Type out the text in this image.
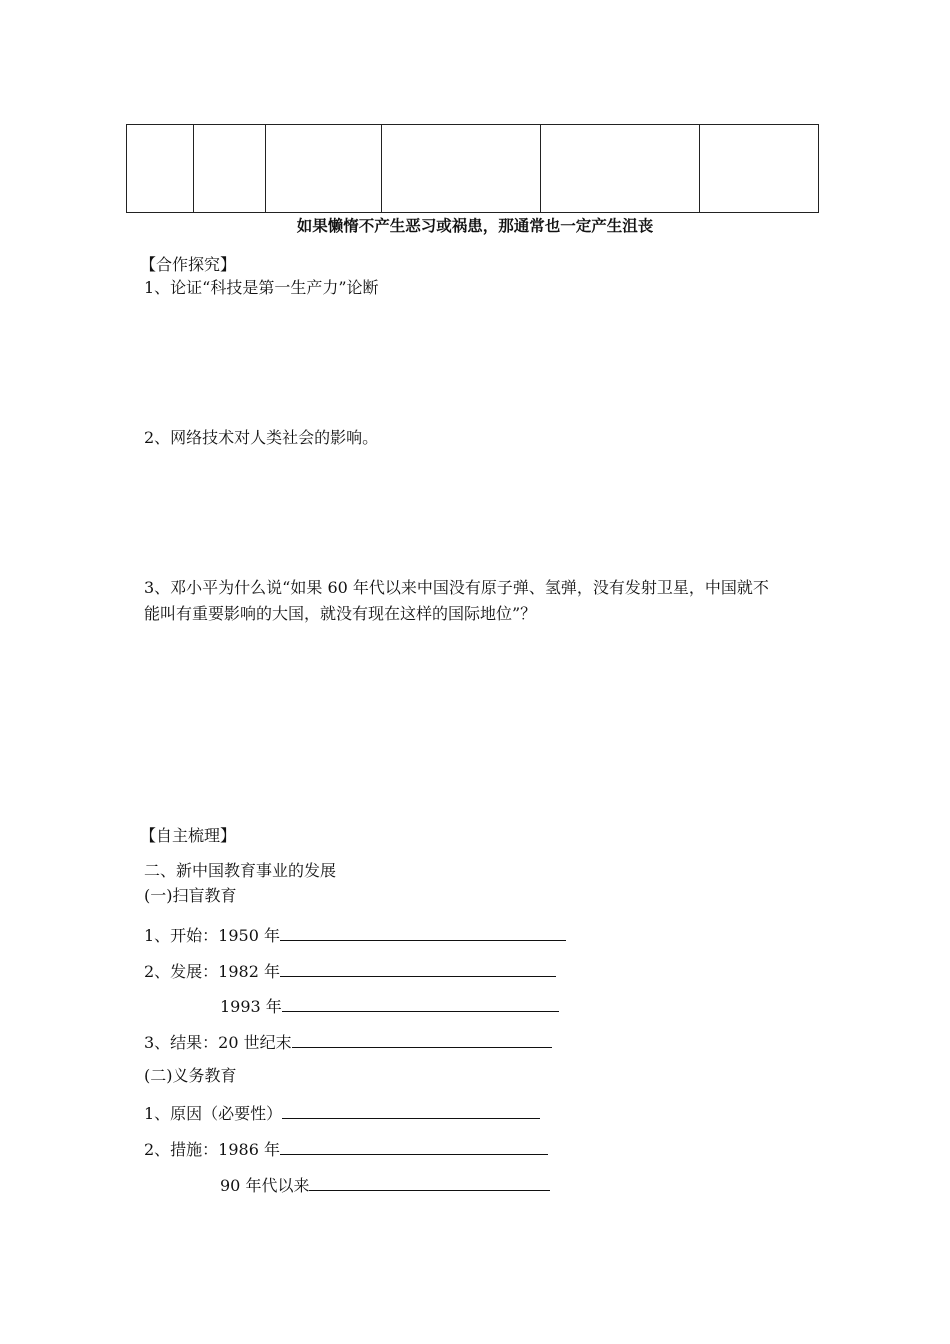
如果懒惰不产生恶习或祸患，那通常也一定产生沮丧
【合作探究】
1、论证“科技是第一生产力”论断
2、网络技术对人类社会的影响。
3、邓小平为什么说“如果 60 年代以来中国没有原子弹、氢弹，没有发射卫星，中国就不
能叫有重要影响的大国，就没有现在这样的国际地位”？
【自主梳理】
二、新中国教育事业的发展
(一)扫盲教育
1、开始：1950 年
2、发展：1982 年
1993 年
3、结果：20 世纪末
(二)义务教育
1、原因（必要性）
2、措施：1986 年
90 年代以来
